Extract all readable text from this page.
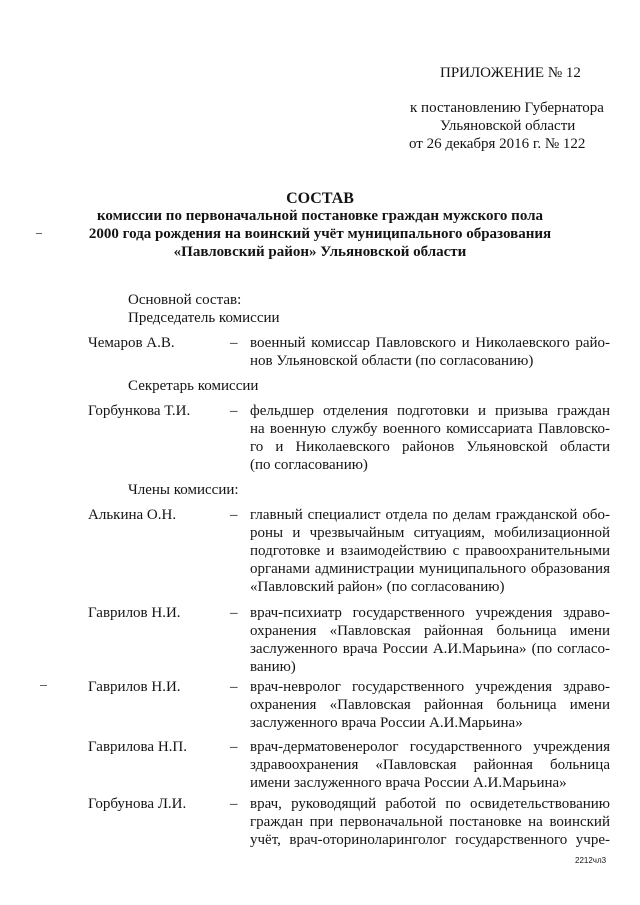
ПРИЛОЖЕНИЕ № 12
к постановлению Губернатора
Ульяновской области
от 26 декабря 2016 г. № 122
СОСТАВ
комиссии по первоначальной постановке граждан мужского пола
2000 года рождения на воинский учёт муниципального образования
«Павловский район» Ульяновской области
Основной состав:
Председатель комиссии
Чемаров А.В.	– военный комиссар Павловского и Николаевского райо-
нов Ульяновской области (по согласованию)
Секретарь комиссии
Горбункова Т.И.	– фельдшер отделения подготовки и призыва граждан
на военную службу военного комиссариата Павловско-
го и Николаевского районов Ульяновской области
(по согласованию)
Члены комиссии:
Алькина О.Н.	– главный специалист отдела по делам гражданской обо-
роны и чрезвычайным ситуациям, мобилизационной
подготовке и взаимодействию с правоохранительными
органами администрации муниципального образования
«Павловский район» (по согласованию)
Гаврилов Н.И.	– врач-психиатр государственного учреждения здраво-
охранения «Павловская районная больница имени
заслуженного врача России А.И.Марьина» (по согласо-
ванию)
Гаврилов Н.И.	– врач-невролог государственного учреждения здраво-
охранения «Павловская районная больница имени
заслуженного врача России А.И.Марьина»
Гаврилова Н.П.	– врач-дерматовенеролог государственного учреждения
здравоохранения «Павловская районная больница
имени заслуженного врача России А.И.Марьина»
Горбунова Л.И.	– врач, руководящий работой по освидетельствованию
граждан при первоначальной постановке на воинский
учёт, врач-оториноларинголог государственного учре-
2212чл3
